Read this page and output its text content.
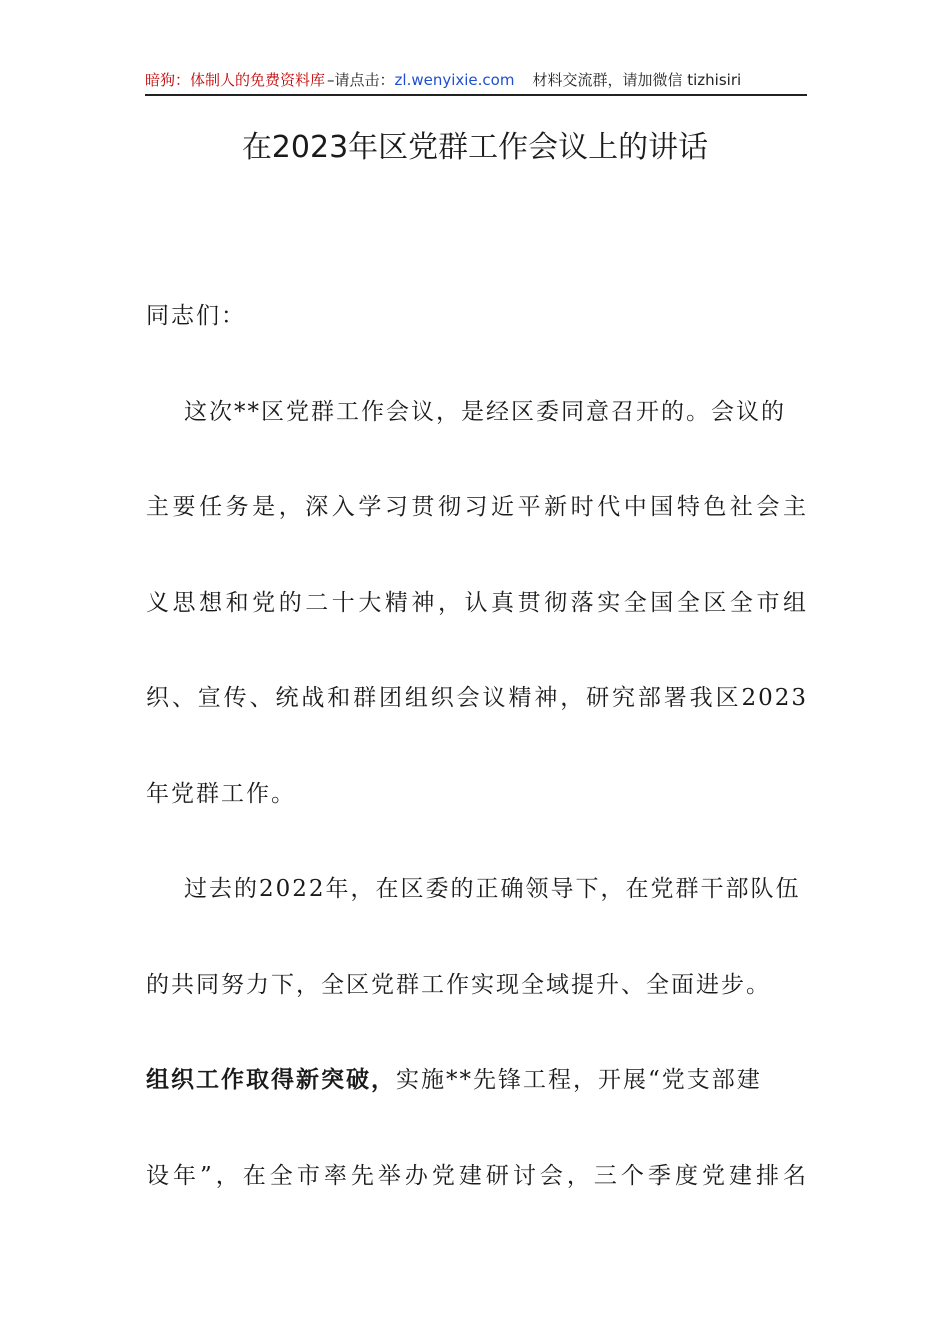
暗狗：体制人的免费资料库 –请点击：zl.wenyixie.com 材料交流群，请加微信 tizhisiri
在2023年区党群工作会议上的讲话
同志们：
这次**区党群工作会议，是经区委同意召开的。会议的
主要任务是，深入学习贯彻习近平新时代中国特色社会主
义思想和党的二十大精神，认真贯彻落实全国全区全市组
织、宣传、统战和群团组织会议精神，研究部署我区2023
年党群工作。
过去的2022年，在区委的正确领导下，在党群干部队伍
的共同努力下，全区党群工作实现全域提升、全面进步。
组织工作取得新突破，实施**先锋工程，开展“党支部建
设年”，在全市率先举办党建研讨会，三个季度党建排名
